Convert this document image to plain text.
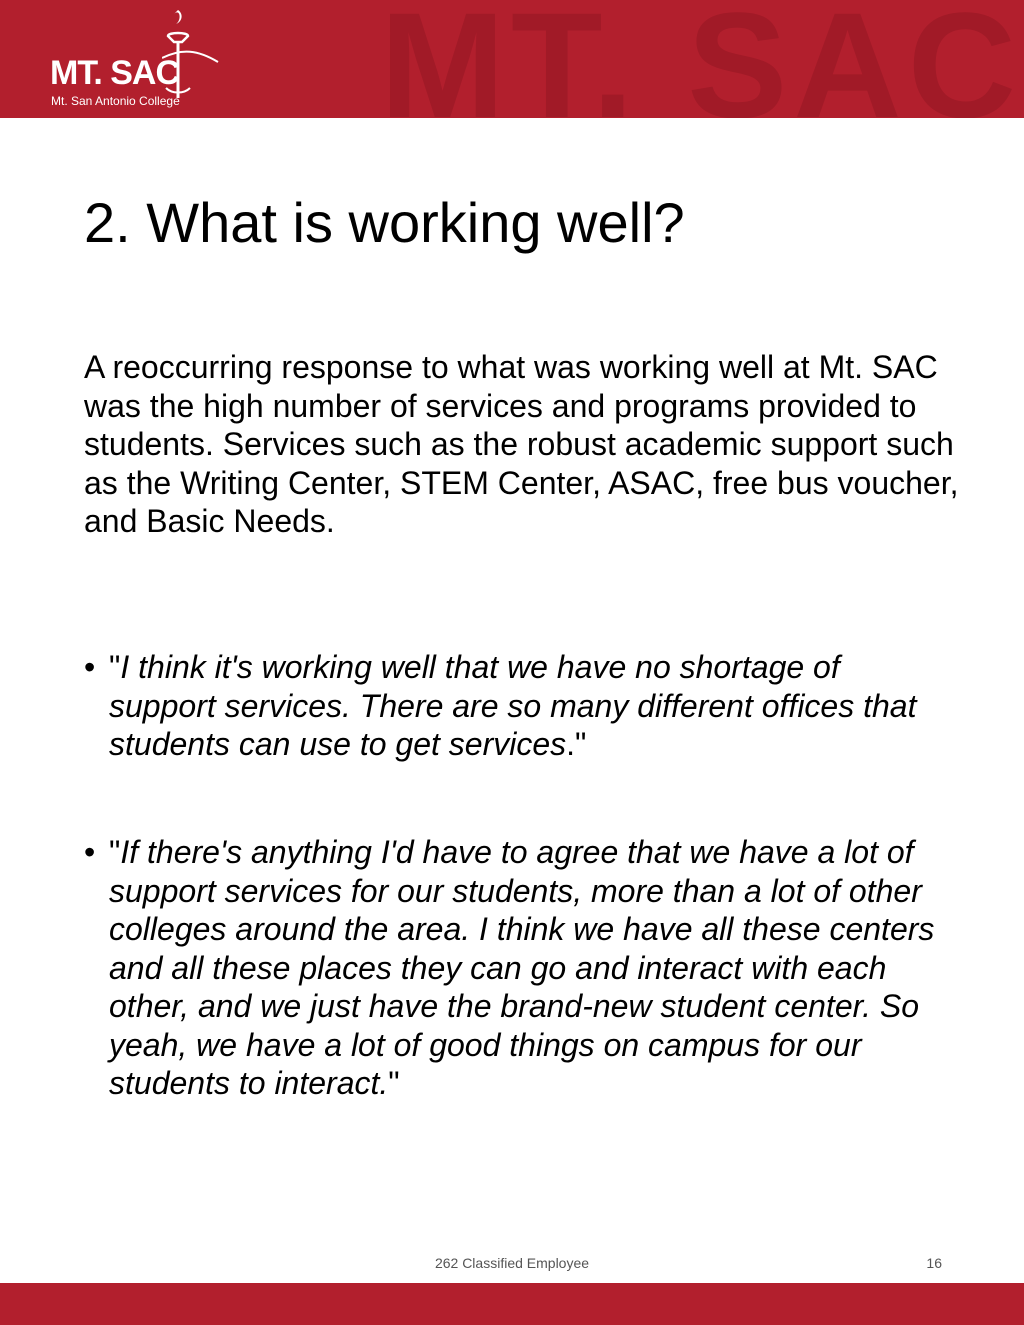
MT. SAC
MT. SAC
Mt. San Antonio College
2. What is working well?

A reoccurring response to what was working well at Mt. SAC was the high number of services and programs provided to students. Services such as the robust academic support such as the Writing Center, STEM Center, ASAC, free bus voucher, and Basic Needs.

• "I think it's working well that we have no shortage of support services. There are so many different offices that students can use to get services."
• "If there's anything I'd have to agree that we have a lot of support services for our students, more than a lot of other colleges around the area. I think we have all these centers and all these places they can go and interact with each other, and we just have the brand-new student center. So yeah, we have a lot of good things on campus for our students to interact."
262 Classified Employee	16
